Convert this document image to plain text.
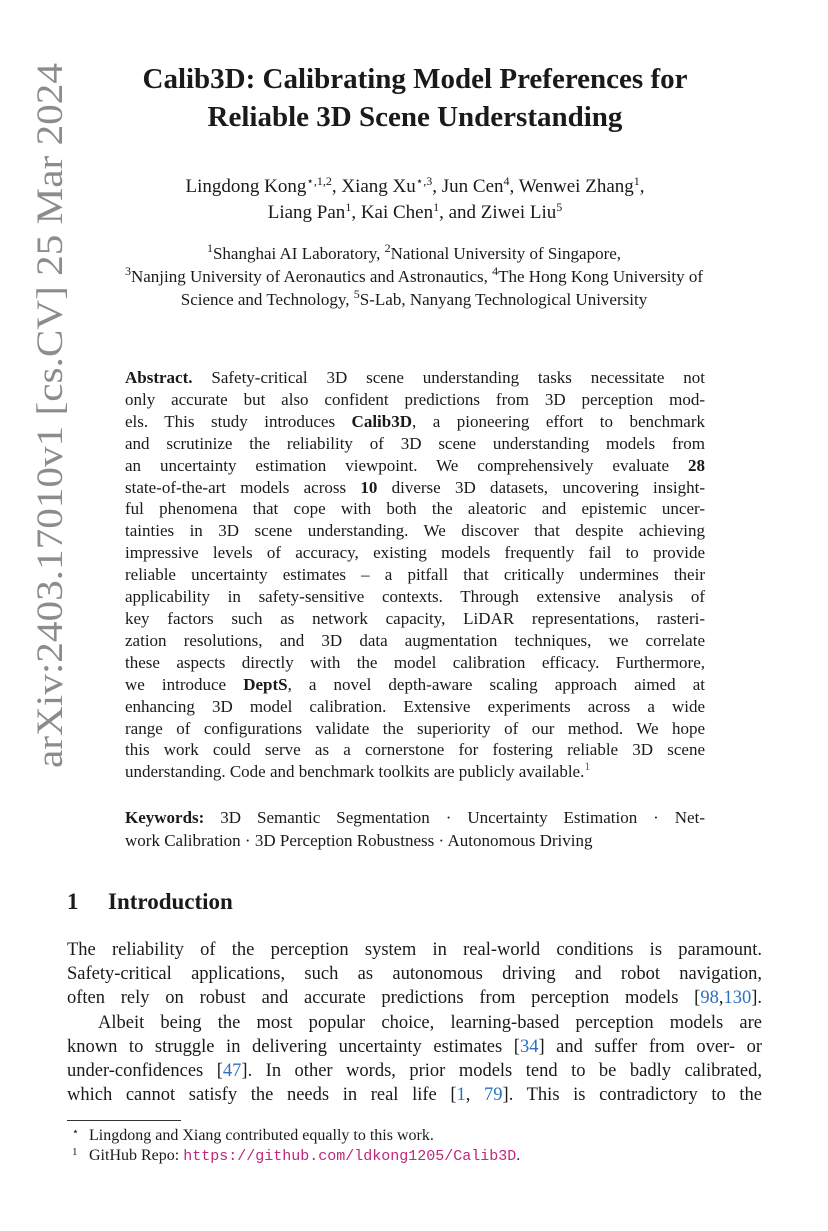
arXiv:2403.17010v1 [cs.CV] 25 Mar 2024
Calib3D: Calibrating Model Preferences for
Reliable 3D Scene Understanding
Lingdong Kong$^{⋆,1,2}$, Xiang $Xu^{⋆,3}$, Jun Cen$^4$, Wenwei Zhang$^1$,
Liang Pan$^1$, Kai Chen$^1$, and Ziwei Liu$^5$
$^1$Shanghai AI Laboratory, $^2$National University of Singapore,
$^3$Nanjing University of Aeronautics and Astronautics, $^4$The Hong Kong University of
Science and Technology, $^5$S-Lab, Nanyang Technological University
Abstract. Safety-critical 3D scene understanding tasks necessitate not
only accurate but also confident predictions from 3D perception mod-
els. This study introduces Calib3D, a pioneering effort to benchmark
and scrutinize the reliability of 3D scene understanding models from
an uncertainty estimation viewpoint. We comprehensively evaluate 28
state-of-the-art models across 10 diverse 3D datasets, uncovering insight-
ful phenomena that cope with both the aleatoric and epistemic uncer-
tainties in 3D scene understanding. We discover that despite achieving
impressive levels of accuracy, existing models frequently fail to provide
reliable uncertainty estimates – a pitfall that critically undermines their
applicability in safety-sensitive contexts. Through extensive analysis of
key factors such as network capacity, LiDAR representations, rasteri-
zation resolutions, and 3D data augmentation techniques, we correlate
these aspects directly with the model calibration efficacy. Furthermore,
we introduce DeptS, a novel depth-aware scaling approach aimed at
enhancing 3D model calibration. Extensive experiments across a wide
range of configurations validate the superiority of our method. We hope
this work could serve as a cornerstone for fostering reliable 3D scene
understanding. Code and benchmark toolkits are publicly available.$^1$
Keywords: 3D Semantic Segmentation · Uncertainty Estimation · Net-
work Calibration · 3D Perception Robustness · Autonomous Driving
1 Introduction
The reliability of the perception system in real-world conditions is paramount.
Safety-critical applications, such as autonomous driving and robot navigation,
often rely on robust and accurate predictions from perception models [98,130].
Albeit being the most popular choice, learning-based perception models are
known to struggle in delivering uncertainty estimates [34] and suffer from over- or
under-confidences [47]. In other words, prior models tend to be badly calibrated,
which cannot satisfy the needs in real life [1, 79]. This is contradictory to the
⋆ Lingdong and Xiang contributed equally to this work.
1 GitHub Repo: https://github.com/ldkong1205/Calib3D.
